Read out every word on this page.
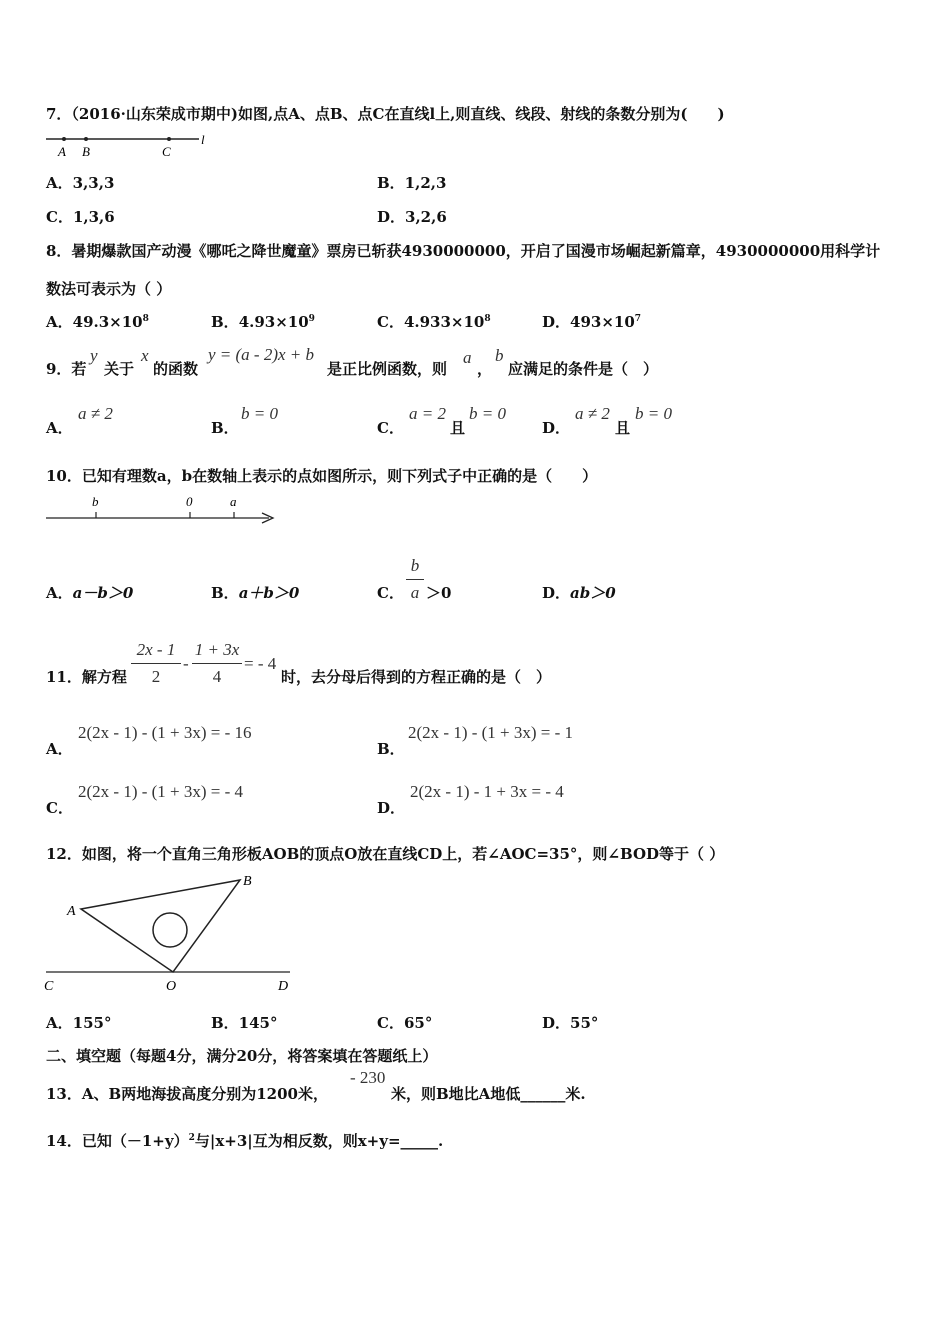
7．（2016·山东荣成市期中)如图,点A、点B、点C在直线l上,则直线、线段、射线的条数分别为(　　)
A B	C
l
A．3,3,3	B．1,2,3
C．1,3,6	D．3,2,6
8．暑期爆款国产动漫《哪吒之降世魔童》票房已斩获4930000000，开启了国漫市场崛起新篇章，4930000000用科学计
数法可表示为（ ）
A．$49.3\times 10^8$	B．$4.93\times 10^9$	C．$4.933\times 10^8$	D．$493\times 10^7$
9．若
y
关于
x
的函数
y = (a - 2)x + b
是正比例函数，则
a
，
b
应满足的条件是（　）
A．
a ≠ 2
B．
b = 0
C．
a = 2
且
b = 0
D．
a ≠ 2
且
b = 0
10．已知有理数a，b在数轴上表示的点如图所示，则下列式子中正确的是（　　）
b	0	a
A．a－b＞0	B．a＋b＞0	C．
b
a ＞0	D．ab＞0
11．解方程
2x - 1
2
-
1 + 3x
4
= - 4
时，去分母后得到的方程正确的是（　）
A．
2(2x - 1) - (1 + 3x) = - 16
B．
2(2x - 1) - (1 + 3x) = - 1
C．
2(2x - 1) - (1 + 3x) = - 4
D．
2(2x - 1) - 1 + 3x = - 4
12．如图，将一个直角三角形板AOB的顶点O放在直线CD上，若∠AOC=35°，则∠BOD等于（ ）
A
B
C	O	D
A．155°	B．145°	C．65°	D．55°
二、填空题（每题4分，满分20分，将答案填在答题纸上）
13．A、B两地海拔高度分别为1200米，
- 230
米，则B地比A地低______米.
14．已知$(-1+y)^2$与|x+3|互为相反数，则x+y=_____.
